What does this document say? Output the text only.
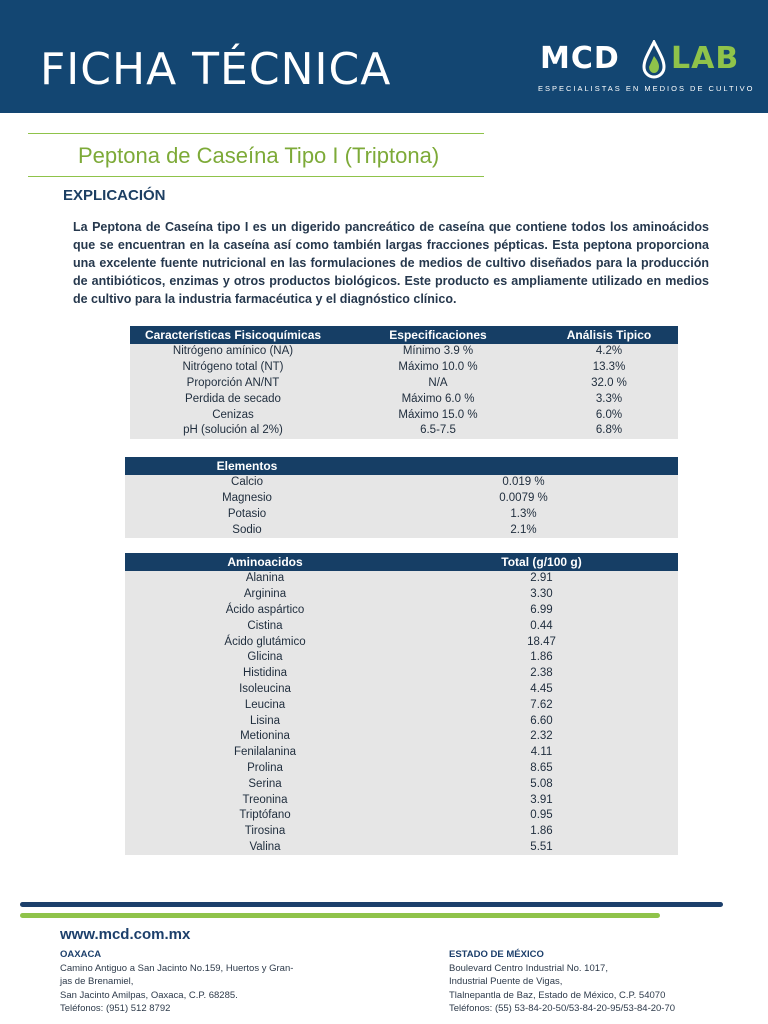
FICHA TÉCNICA	MCD LAB
ESPECIALISTAS EN MEDIOS DE CULTIVO
Peptona de Caseína Tipo I (Triptona)
EXPLICACIÓN
La Peptona de Caseína tipo I es un digerido pancreático de caseína que contiene todos los aminoácidos que se encuentran en la caseína así como también largas fracciones pépticas. Esta peptona proporciona una excelente fuente nutricional en las formulaciones de medios de cultivo diseñados para la producción de antibióticos, enzimas y otros productos biológicos. Este producto es ampliamente utilizado en medios de cultivo para la industria farmacéutica y el diagnóstico clínico.
Características Fisicoquímicas	Especificaciones	Análisis Tipico
Nitrógeno amínico (NA)	Mínimo 3.9 %	4.2%
Nitrógeno total (NT)	Máximo 10.0 %	13.3%
Proporción AN/NT	N/A	32.0 %
Perdida de secado	Máximo 6.0 %	3.3%
Cenizas	Máximo 15.0 %	6.0%
pH (solución al 2%)	6.5-7.5	6.8%
Elementos	
Calcio	0.019 %
Magnesio	0.0079 %
Potasio	1.3%
Sodio	2.1%
Aminoacidos	Total (g/100 g)
Alanina	2.91
Arginina	3.30
Ácido aspártico	6.99
Cistina	0.44
Ácido glutámico	18.47
Glicina	1.86
Histidina	2.38
Isoleucina	4.45
Leucina	7.62
Lisina	6.60
Metionina	2.32
Fenilalanina	4.11
Prolina	8.65
Serina	5.08
Treonina	3.91
Triptófano	0.95
Tirosina	1.86
Valina	5.51
www.mcd.com.mx
OAXACA
Camino Antiguo a San Jacinto No.159, Huertos y Gran-
jas de Brenamiel,
San Jacinto Amilpas, Oaxaca, C.P. 68285.
Teléfonos: (951) 512 8792
ESTADO DE MÉXICO
Boulevard Centro Industrial No. 1017,
Industrial Puente de Vigas,
Tlalnepantla de Baz, Estado de México, C.P. 54070
Teléfonos: (55) 53-84-20-50/53-84-20-95/53-84-20-70
